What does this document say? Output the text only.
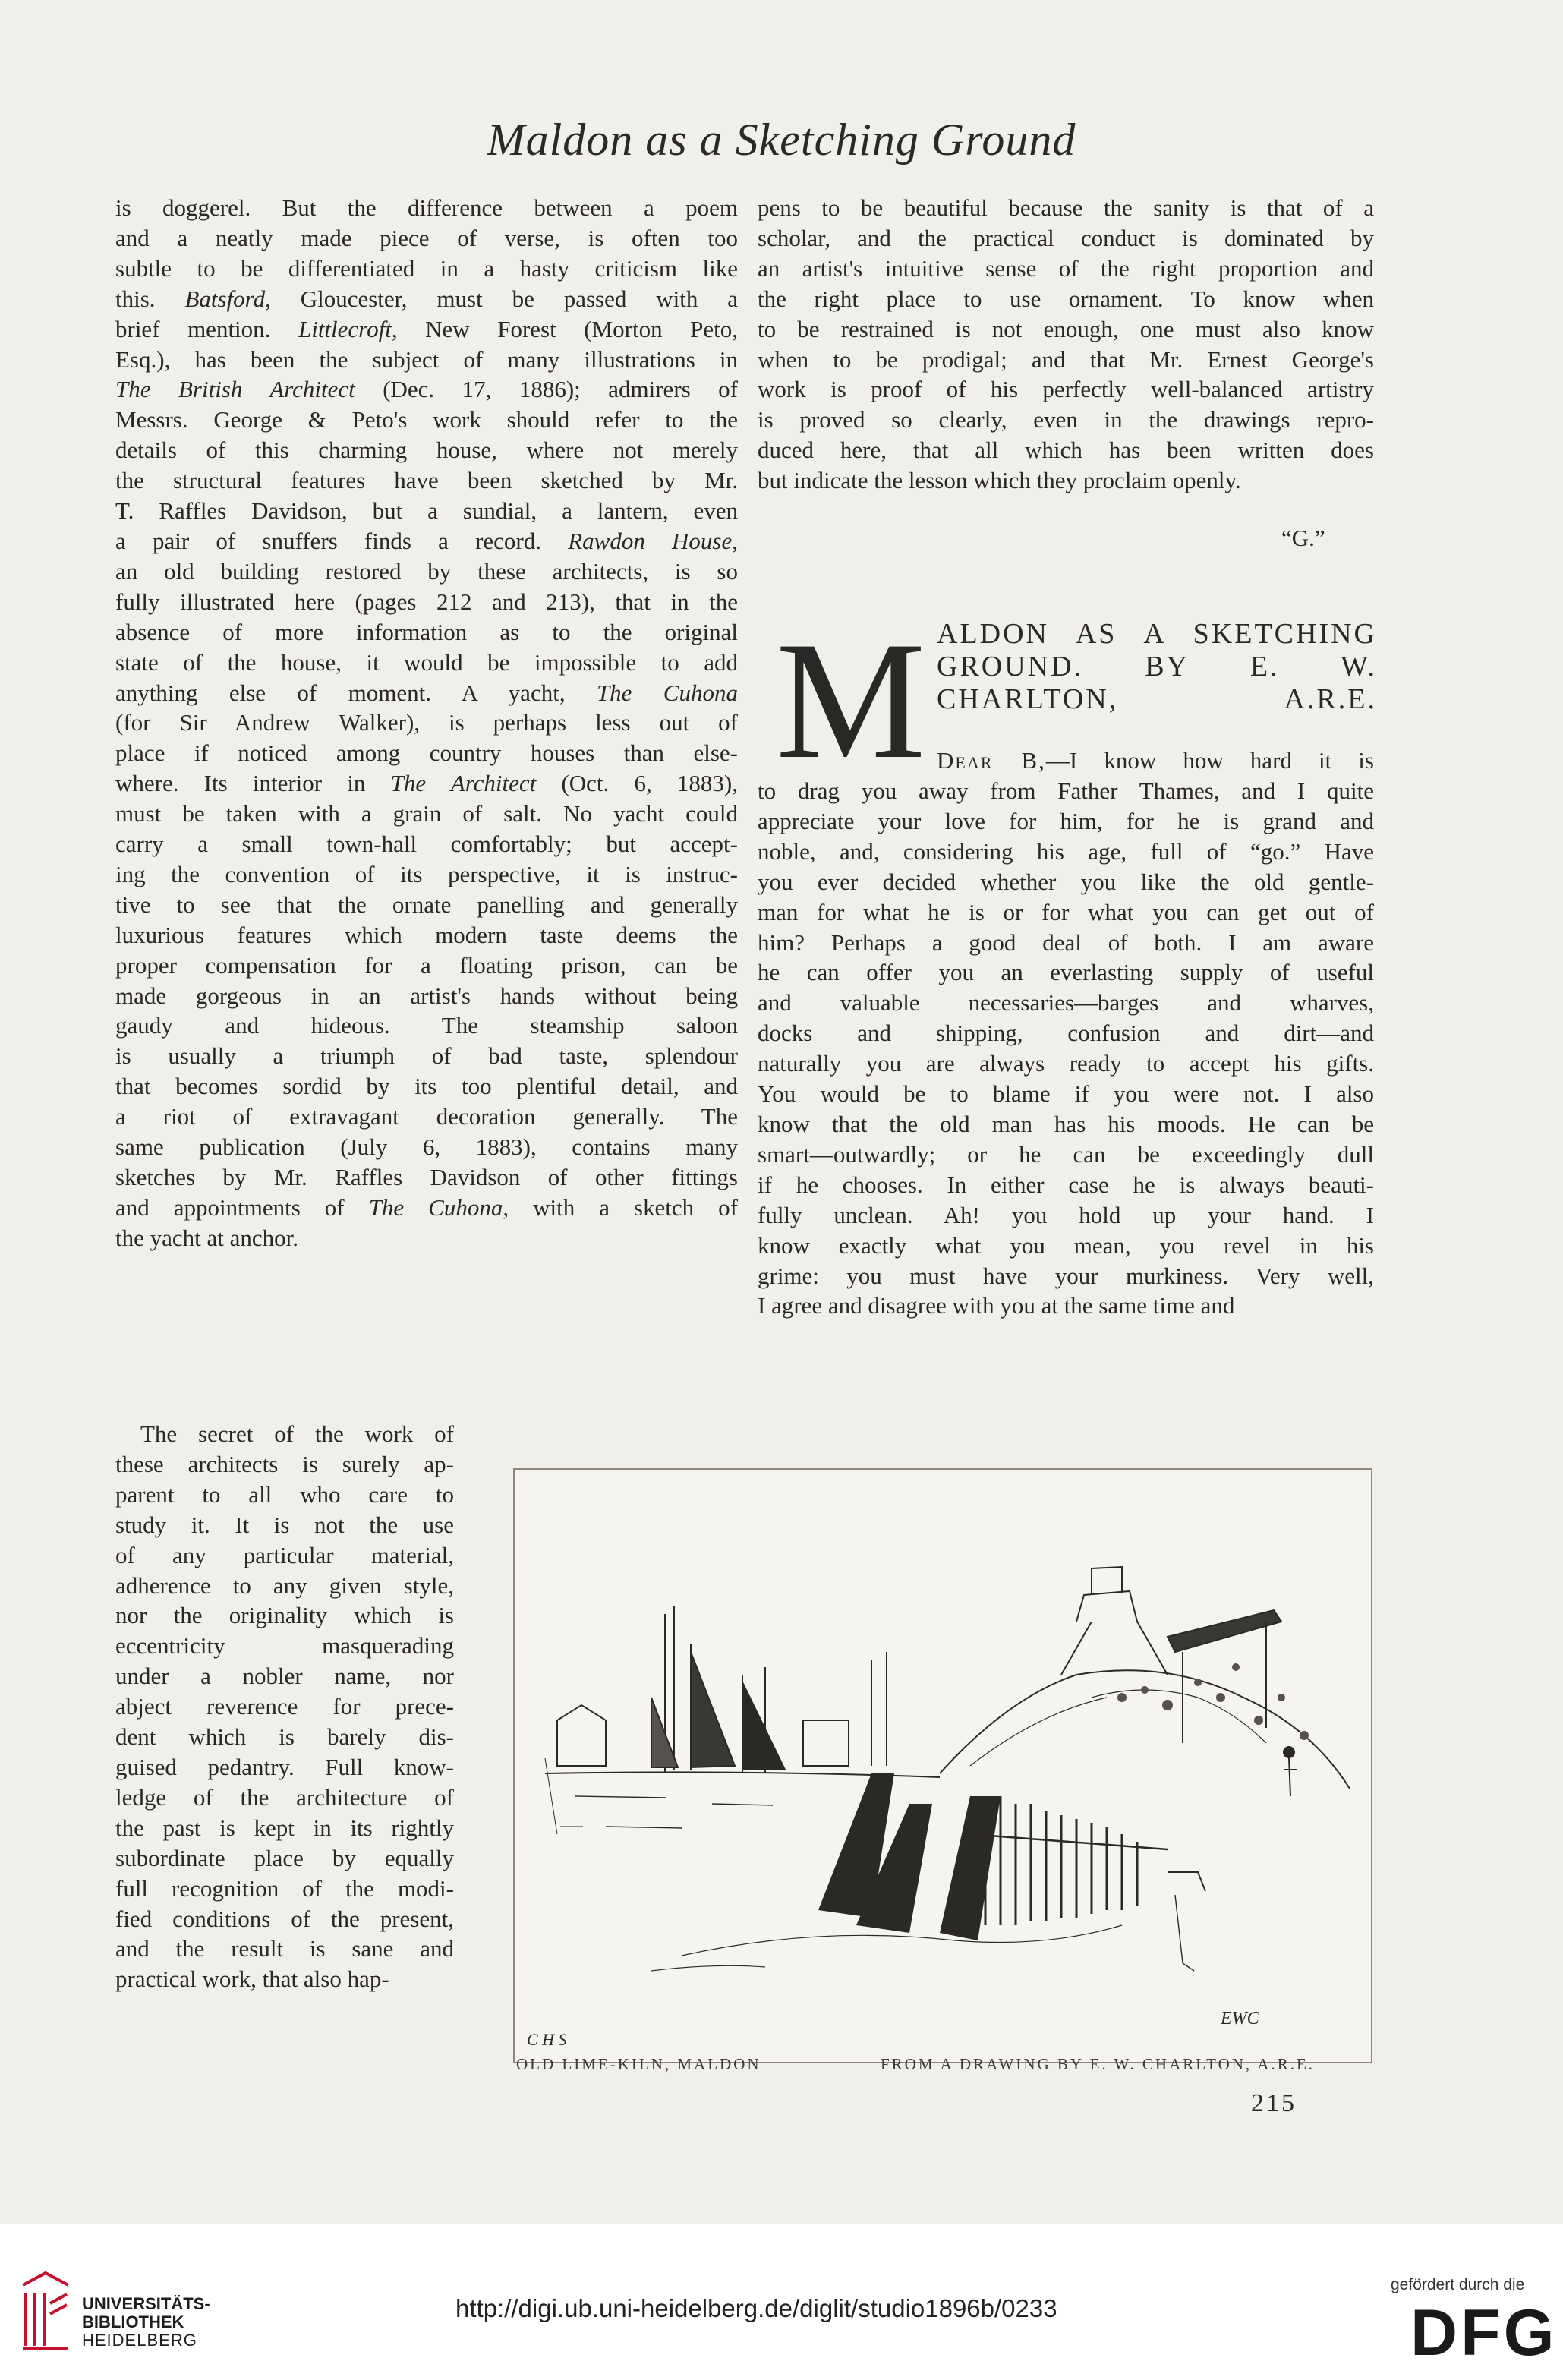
Maldon as a Sketching Ground

is doggerel. But the difference between a poem
and a neatly made piece of verse, is often too
subtle to be differentiated in a hasty criticism like
this. Batsford, Gloucester, must be passed with a
brief mention. Littlecroft, New Forest (Morton Peto,
Esq.), has been the subject of many illustrations in
The British Architect (Dec. 17, 1886); admirers of
Messrs. George & Peto's work should refer to the
details of this charming house, where not merely
the structural features have been sketched by Mr.
T. Raffles Davidson, but a sundial, a lantern, even
a pair of snuffers finds a record. Rawdon House,
an old building restored by these architects, is so
fully illustrated here (pages 212 and 213), that in the
absence of more information as to the original
state of the house, it would be impossible to add
anything else of moment. A yacht, The Cuhona
(for Sir Andrew Walker), is perhaps less out of
place if noticed among country houses than else-
where. Its interior in The Architect (Oct. 6, 1883),
must be taken with a grain of salt. No yacht could
carry a small town-hall comfortably; but accept-
ing the convention of its perspective, it is instruc-
tive to see that the ornate panelling and generally
luxurious features which modern taste deems the
proper compensation for a floating prison, can be
made gorgeous in an artist's hands without being
gaudy and hideous. The steamship saloon
is usually a triumph of bad taste, splendour
that becomes sordid by its too plentiful detail, and
a riot of extravagant decoration generally. The
same publication (July 6, 1883), contains many
sketches by Mr. Raffles Davidson of other fittings
and appointments of The Cuhona, with a sketch of
the yacht at anchor.

The secret of the work of
these architects is surely ap-
parent to all who care to
study it. It is not the use
of any particular material,
adherence to any given style,
nor the originality which is
eccentricity masquerading
under a nobler name, nor
abject reverence for prece-
dent which is barely dis-
guised pedantry. Full know-
ledge of the architecture of
the past is kept in its rightly
subordinate place by equally
full recognition of the modi-
fied conditions of the present,
and the result is sane and
practical work, that also hap-

pens to be beautiful because the sanity is that of a
scholar, and the practical conduct is dominated by
an artist's intuitive sense of the right proportion and
the right place to use ornament. To know when
to be restrained is not enough, one must also know
when to be prodigal; and that Mr. Ernest George's
work is proof of his perfectly well-balanced artistry
is proved so clearly, even in the drawings repro-
duced here, that all which has been written does
but indicate the lesson which they proclaim openly.

“G.”
M ALDON AS A SKETCHING
GROUND. BY E. W.
CHARLTON, A.R.E.

Dear B,—I know how hard it is

to drag you away from Father Thames, and I quite
appreciate your love for him, for he is grand and
noble, and, considering his age, full of “go.” Have
you ever decided whether you like the old gentle-
man for what he is or for what you can get out of
him? Perhaps a good deal of both. I am aware
he can offer you an everlasting supply of useful
and valuable necessaries—barges and wharves,
docks and shipping, confusion and dirt—and
naturally you are always ready to accept his gifts.
You would be to blame if you were not. I also
know that the old man has his moods. He can be
smart—outwardly; or he can be exceedingly dull
if he chooses. In either case he is always beauti-
fully unclean. Ah! you hold up your hand. I
know exactly what you mean, you revel in his
grime: you must have your murkiness. Very well,
I agree and disagree with you at the same time and

C H S
EWC
OLD LIME-KILN, MALDON	FROM A DRAWING BY E. W. CHARLTON, A.R.E.
215
UNIVERSITÄTS-
BIBLIOTHEK
HEIDELBERG
http://digi.ub.uni-heidelberg.de/diglit/studio1896b/0233
gefördert durch die
DFG
